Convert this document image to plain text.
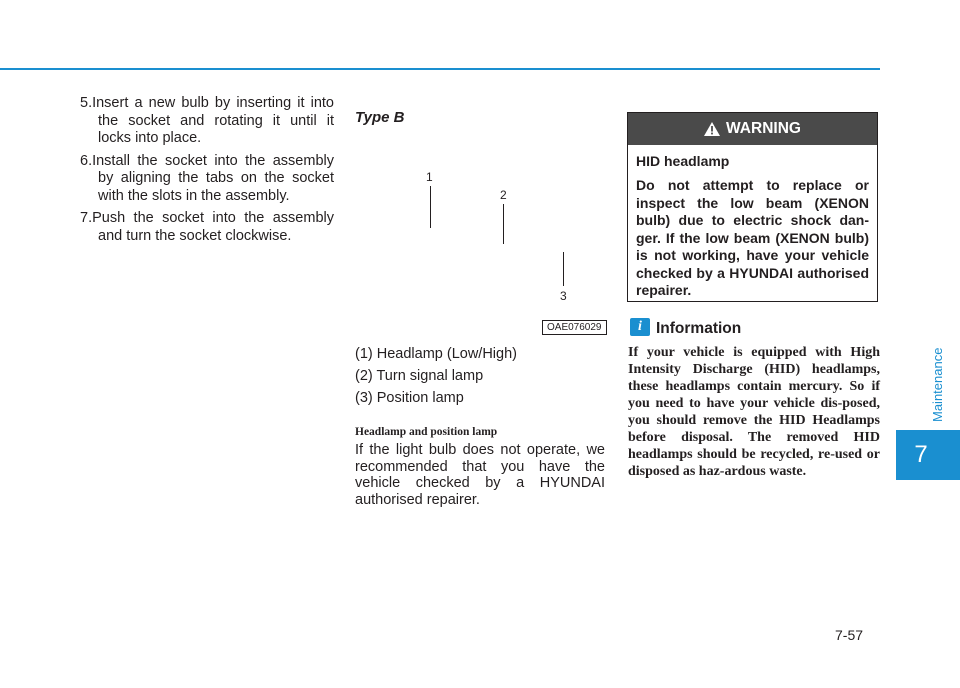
5.Insert a new bulb by inserting it into the socket and rotating it until it locks into place.
6.Install the socket into the assembly by aligning the tabs on the socket with the slots in the assembly.
7.Push the socket into the assembly and turn the socket clockwise.
Type B
1
2
3
OAE076029
(1) Headlamp (Low/High)
(2) Turn signal lamp
(3) Position lamp
Headlamp and position lamp

If the light bulb does not operate, we recommended that you have the vehicle checked by a HYUNDAI authorised repairer.

WARNING
HID headlamp

Do not attempt to replace or inspect the low beam (XENON bulb) due to electric shock dan-ger. If the low beam (XENON bulb) is not working, have your vehicle checked by a HYUNDAI authorised repairer.

i Information

If your vehicle is equipped with High Intensity Discharge (HID) headlamps, these headlamps contain mercury. So if you need to have your vehicle dis-posed, you should remove the HID Headlamps before disposal. The removed HID headlamps should be recycled, re-used or disposed as haz-ardous waste.

Maintenance
7
7-57
